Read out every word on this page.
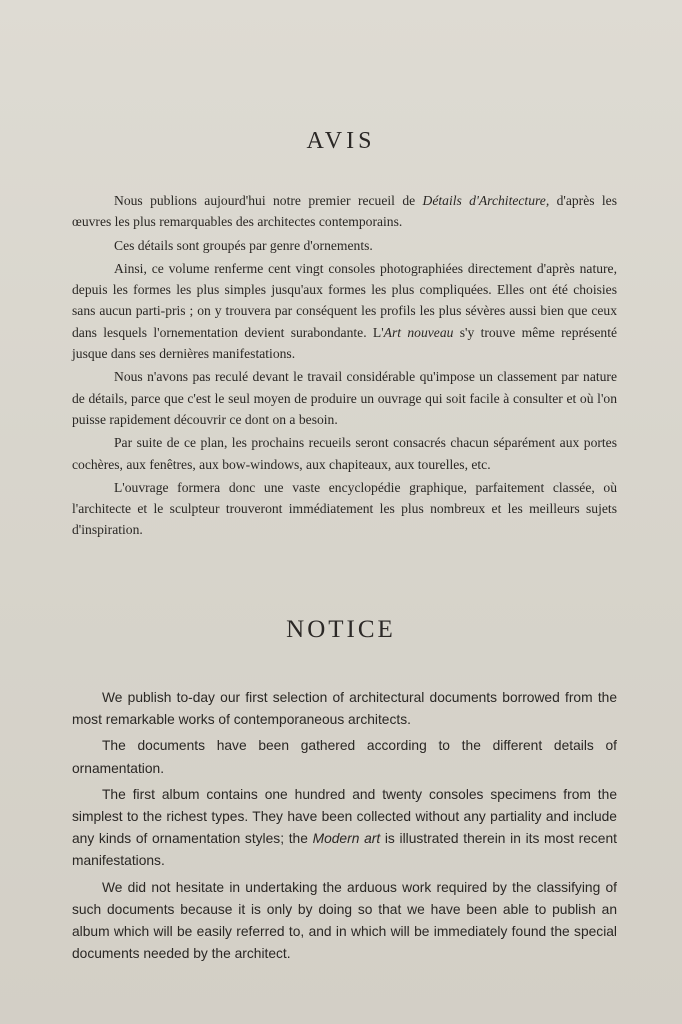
AVIS

Nous publions aujourd'hui notre premier recueil de Détails d'Architecture, d'après les œuvres les plus remarquables des architectes contemporains.

Ces détails sont groupés par genre d'ornements.

Ainsi, ce volume renferme cent vingt consoles photographiées directement d'après nature, depuis les formes les plus simples jusqu'aux formes les plus compliquées. Elles ont été choisies sans aucun parti-pris ; on y trouvera par conséquent les profils les plus sévères aussi bien que ceux dans lesquels l'ornementation devient surabondante. L'Art nouveau s'y trouve même représenté jusque dans ses dernières manifestations.

Nous n'avons pas reculé devant le travail considérable qu'impose un classement par nature de détails, parce que c'est le seul moyen de produire un ouvrage qui soit facile à consulter et où l'on puisse rapidement découvrir ce dont on a besoin.

Par suite de ce plan, les prochains recueils seront consacrés chacun séparément aux portes cochères, aux fenêtres, aux bow-windows, aux chapiteaux, aux tourelles, etc.

L'ouvrage formera donc une vaste encyclopédie graphique, parfaitement classée, où l'architecte et le sculpteur trouveront immédiatement les plus nombreux et les meilleurs sujets d'inspiration.

NOTICE

We publish to-day our first selection of architectural documents borrowed from the most remarkable works of contemporaneous architects.

The documents have been gathered according to the different details of ornamentation.

The first album contains one hundred and twenty consoles specimens from the simplest to the richest types. They have been collected without any partiality and include any kinds of ornamentation styles; the Modern art is illustrated therein in its most recent manifestations.

We did not hesitate in undertaking the arduous work required by the classifying of such documents because it is only by doing so that we have been able to publish an album which will be easily referred to, and in which will be immediately found the special documents needed by the architect.
